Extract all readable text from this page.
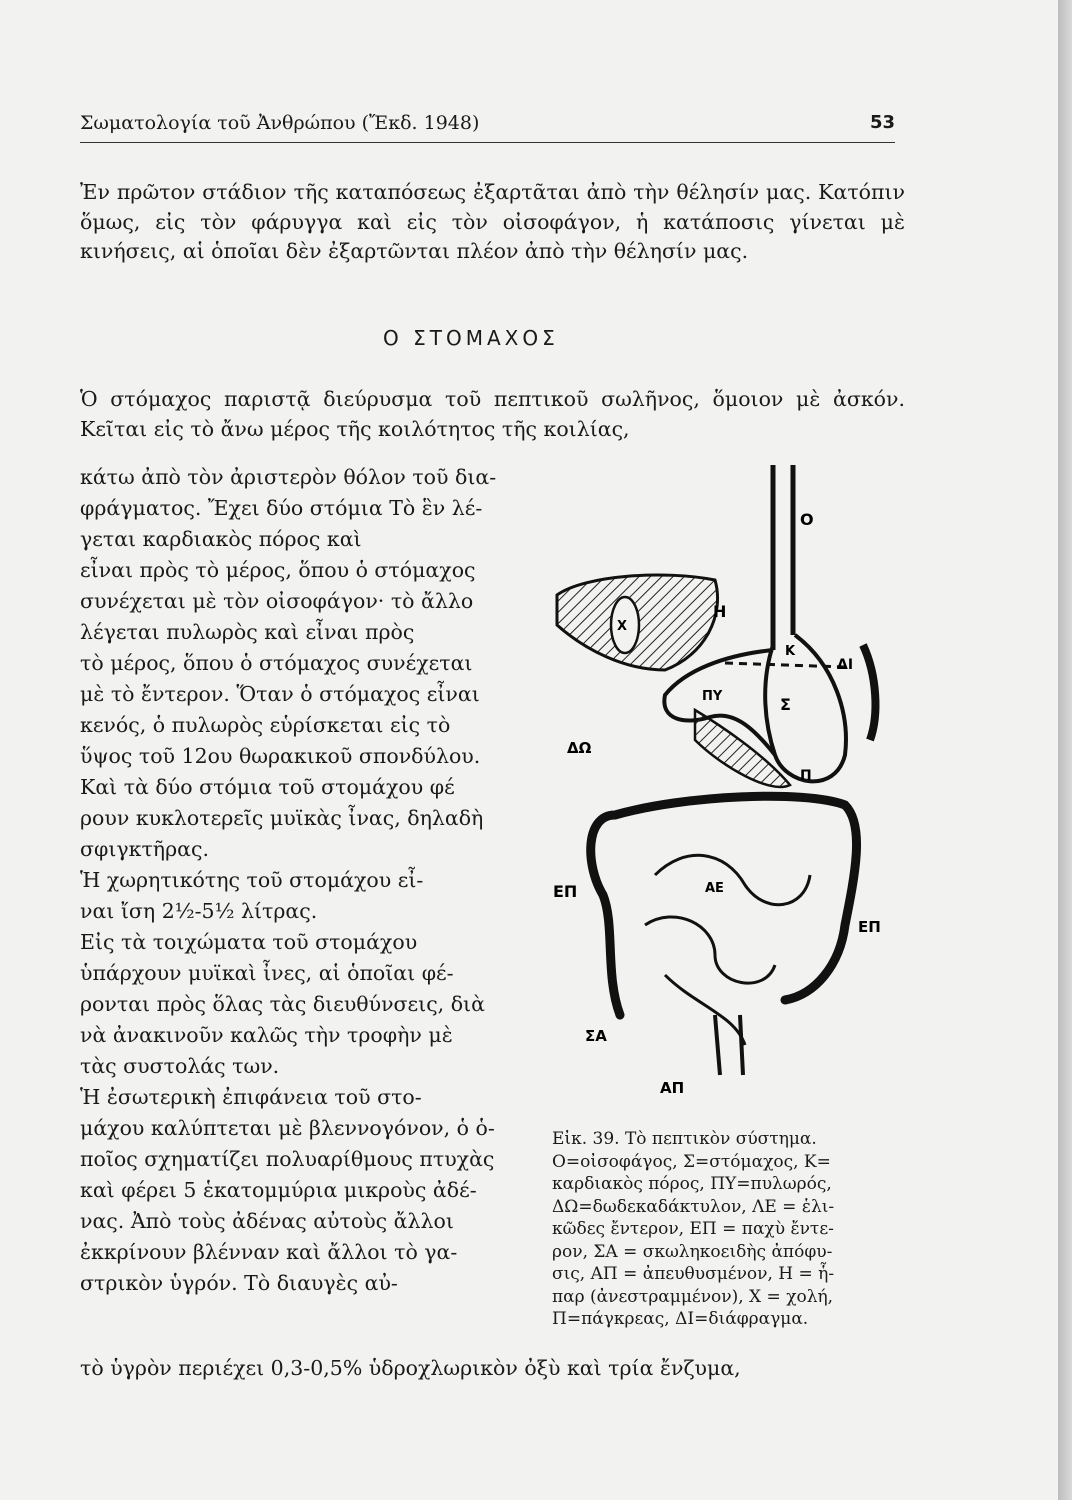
Σωματολογία τοῦ Ἀνθρώπου (Ἔκδ. 1948)	53
Ἐν πρῶτον στάδιον τῆς καταπόσεως ἐξαρτᾶται ἀπὸ τὴν θέλησίν μας. Κατόπιν ὅμως, εἰς τὸν φάρυγγα καὶ εἰς τὸν οἰσοφάγον, ἡ κατάποσις γίνεται μὲ κινήσεις, αἱ ὁποῖαι δὲν ἐξαρτῶνται πλέον ἀπὸ τὴν θέλησίν μας.
Ο ΣΤΟΜΑΧΟΣ
Ὁ στόμαχος παριστᾷ διεύρυσμα τοῦ πεπτικοῦ σωλῆνος, ὅμοιον μὲ ἀσκόν. Κεῖται εἰς τὸ ἄνω μέρος τῆς κοιλότητος τῆς κοιλίας,
κάτω ἀπὸ τὸν ἀριστερὸν θόλον τοῦ δια-
φράγματος. Ἔχει δύο στόμια Τὸ ἓν λέ-
γεται καρδιακὸς πόρος καὶ
εἶναι πρὸς τὸ μέρος, ὅπου ὁ στόμαχος
συνέχεται μὲ τὸν οἰσοφάγον· τὸ ἄλλο
λέγεται πυλωρὸς καὶ εἶναι πρὸς
τὸ μέρος, ὅπου ὁ στόμαχος συνέχεται
μὲ τὸ ἔντερον. Ὅταν ὁ στόμαχος εἶναι
κενός, ὁ πυλωρὸς εὑρίσκεται εἰς τὸ
ὕψος τοῦ 12ου θωρακικοῦ σπονδύλου.
Καὶ τὰ δύο στόμια τοῦ στομάχου φέ
ρουν κυκλοτερεῖς μυϊκὰς ἶνας, δηλαδὴ
σφιγκτῆρας.
Ἡ χωρητικότης τοῦ στομάχου εἶ-
ναι ἴση 2½-5½ λίτρας.
Εἰς τὰ τοιχώματα τοῦ στομάχου
ὑπάρχουν μυϊκαὶ ἶνες, αἱ ὁποῖαι φέ-
ρονται πρὸς ὅλας τὰς διευθύνσεις, διὰ
νὰ ἀνακινοῦν καλῶς τὴν τροφὴν μὲ
τὰς συστολάς των.
Ἡ ἐσωτερικὴ ἐπιφάνεια τοῦ στο-
μάχου καλύπτεται μὲ βλεννογόνον, ὁ ὁ-
ποῖος σχηματίζει πολυαρίθμους πτυχὰς
καὶ φέρει 5 ἑκατομμύρια μικροὺς ἀδέ-
νας. Ἀπὸ τοὺς ἀδένας αὐτοὺς ἄλλοι
ἐκκρίνουν βλένναν καὶ ἄλλοι τὸ γα-
στρικὸν ὑγρόν. Τὸ διαυγὲς αὐ-
Ο
Η
Χ
Κ
ΔΙ
ΠΥ	Σ
ΔΩ
Π
ΕΠ	ΑΕ
ΕΠ
ΣΑ
ΑΠ
Εἰκ. 39. Τὸ πεπτικὸν σύστημα.
Ο=οἰσοφάγος, Σ=στόμαχος, Κ=
καρδιακὸς πόρος, ΠΥ=πυλωρός,
ΔΩ=δωδεκαδάκτυλον, ΛΕ = ἑλι-
κῶδες ἔντερον, ΕΠ = παχὺ ἔντε-
ρον, ΣΑ = σκωληκοειδὴς ἀπόφυ-
σις, ΑΠ = ἀπευθυσμένον, Η = ἧ-
παρ (ἀνεστραμμένον), Χ = χολή,
Π=πάγκρεας, ΔΙ=διάφραγμα.
τὸ ὑγρὸν περιέχει 0,3-0,5% ὑδροχλωρικὸν ὀξὺ καὶ τρία ἔνζυμα,
